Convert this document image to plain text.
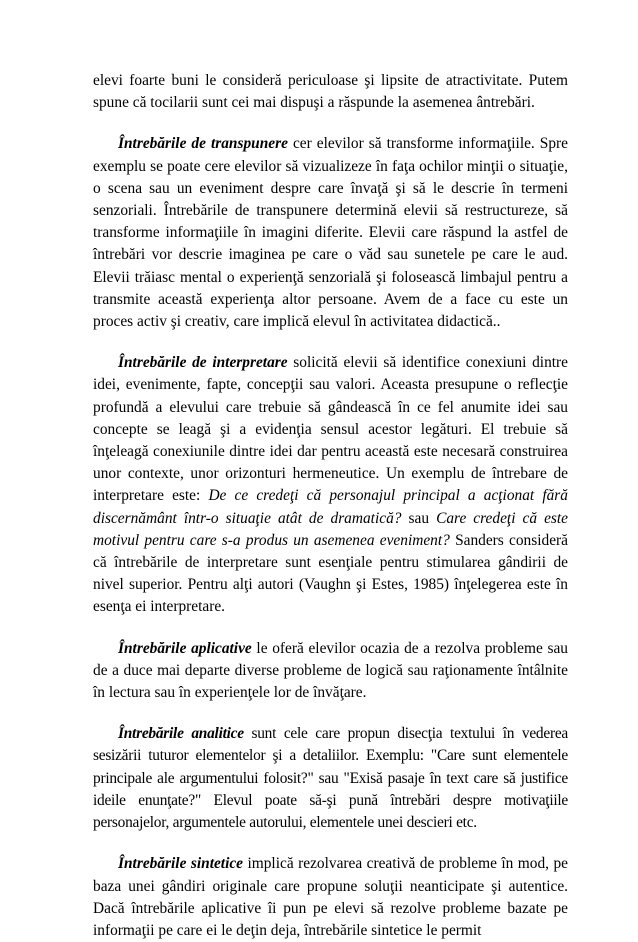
elevi foarte buni le consideră periculoase şi lipsite de atractivitate. Putem spune că tocilarii sunt cei mai dispuşi a răspunde la asemenea ântrebări.

Întrebările de transpunere cer elevilor să transforme informaţiile. Spre exemplu se poate cere elevilor să vizualizeze în faţa ochilor minţii o situaţie, o scena sau un eveniment despre care învaţă şi să le descrie în termeni senzoriali. Întrebările de transpunere determină elevii să restructureze, să transforme informaţiile în imagini diferite. Elevii care răspund la astfel de întrebări vor descrie imaginea pe care o văd sau sunetele pe care le aud. Elevii trăiasc mental o experienţă senzorială şi folosească limbajul pentru a transmite această experienţa altor persoane. Avem de a face cu este un proces activ şi creativ, care implică elevul în activitatea didactică..

Întrebările de interpretare solicită elevii să identifice conexiuni dintre idei, evenimente, fapte, concepţii sau valori. Aceasta presupune o reflecţie profundă a elevului care trebuie să gândească în ce fel anumite idei sau concepte se leagă şi a evidenţia sensul acestor legături. El trebuie să înţeleagă conexiunile dintre idei dar pentru această este necesară construirea unor contexte, unor orizonturi hermeneutice. Un exemplu de întrebare de interpretare este: De ce credeţi că personajul principal a acţionat fără discernământ într-o situaţie atât de dramatică? sau Care credeţi că este motivul pentru care s-a produs un asemenea eveniment? Sanders consideră că întrebările de interpretare sunt esenţiale pentru stimularea gândirii de nivel superior. Pentru alţi autori (Vaughn şi Estes, 1985) înţelegerea este în esenţa ei interpretare.

Întrebările aplicative le oferă elevilor ocazia de a rezolva probleme sau de a duce mai departe diverse probleme de logică sau raţionamente întâlnite în lectura sau în experienţele lor de învăţare.

Întrebările analitice sunt cele care propun disecţia textului în vederea sesizării tuturor elementelor şi a detaliilor. Exemplu: "Care sunt elementele principale ale argumentului folosit?" sau "Exisă pasaje în text care să justifice ideile enunţate?" Elevul poate să-şi pună întrebări despre motivaţiile personajelor, argumentele autorului, elementele unei descieri etc.

Întrebările sintetice implică rezolvarea creativă de probleme în mod, pe baza unei gândiri originale care propune soluţii neanticipate şi autentice. Dacă întrebările aplicative îi pun pe elevi să rezolve probleme bazate pe informaţii pe care ei le deţin deja, întrebările sintetice le permit
